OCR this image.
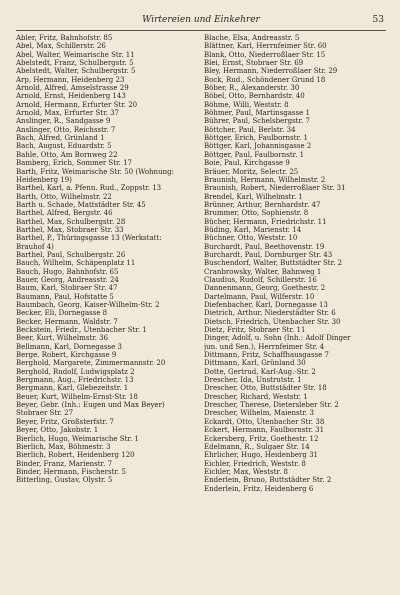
Wirtereien und Einkehrer	53
Abler, Fritz, Bahnhofstr. 85
Abel, Max, Schillerstr. 26
Abel, Walter, Weimarische Str. 11
Abelstedt, Franz, Schulbergstr. 5
Abelstedt, Walter, Schulbergstr. 5
Arp, Hermann, Heidenberg 23
Arnold, Alfred, Amselstrasse 29
Arnold, Ernst, Heidenberg 143
Arnold, Hermann, Erfurter Str. 20
Arnold, Max, Erfurter Str. 37
Anslinger, R., Sandgasse 9
Anslinger, Otto, Reichsstr. 7
Bach, Alfred, Grünland 1
Bach, August, Eduardstr. 5
Bahle, Otto, Am Bornweg 22
Bamberg, Erich, Sommer Str. 17
Barth, Fritz, Weimarische Str. 50 (Wohnung:
Heidenberg 19)
Barthel, Karl, a. Pfenn. Rud., Zoppstr. 13
Barth, Otto, Wilhelmstr. 22
Barth u. Schade, Mattstädter Str. 45
Barthel, Alfred, Bergstr. 46
Barthel, Max, Schulbergstr. 28
Barthel, Max, Stobraer Str. 33
Barthel, P., Thüringsgasse 13 (Werkstatt:
Brauhof 4)
Barthel, Paul, Schulbergstr. 26
Bauch, Wilhelm, Schäpenplatz 11
Bauch, Hugo, Bahnhofstr. 65
Bauer, Georg, Andreasstr. 24
Baum, Karl, Stobraer Str. 47
Baumann, Paul, Hofstatte 5
Baumbach, Georg, Kaiser-Wilhelm-Str. 2
Becker, Eli, Dornegasse 8
Becker, Hermann, Waldstr. 7
Beckstein, Friedr., Utenbacher Str. 1
Beer, Kurt, Wilhelmstr. 36
Bellmann, Karl, Dornegasse 3
Berge, Robert, Kirchgasse 9
Berghold, Margarete, Zimmermannstr. 20
Berghold, Rudolf, Ludwigsplatz 2
Bergmann, Aug., Friedrichstr. 13
Bergmann, Karl, Glebezeitstr. 1
Beuer, Kurt, Wilhelm-Ernst-Str. 18
Beyer, Gebr. (Inh.: Eugen und Max Beyer)
Stobraer Str. 27
Beyer, Fritz, Großsterfstr. 7
Beyer, Otto, Jakobstr. 1
Bierlich, Hugo, Weimarische Str. 1
Bierlich, Max, Böhmestr. 3
Bierlich, Robert, Heidenberg 120
Binder, Franz, Marienstr. 7
Binder, Hermann, Fischerstr. 5
Bitterling, Gustav, Olystr. 5
Blache, Elsa, Andreasstr. 5
Blättner, Karl, Herrnfeimer Str. 60
Blank, Otto, Niederroßlaer Str. 15
Blei, Ernst, Stobraer Str. 69
Bley, Hermann, Niederroßlaer Str. 29
Bock, Rud., Schöndener Grund 18
Böber, R., Alexanderstr. 30
Böbel, Otto, Bernhardstr. 40
Böhme, Willi, Weststr. 8
Böhmer, Paul, Martinsgasse 1
Bührer, Paul, Schelsbergstr. 7
Böttcher, Paul, Berlstr. 34
Böttger, Erich, Faulbornstr. 1
Böttger, Karl, Johannisgasse 2
Böttger, Paul, Faulbornstr. 1
Boie, Paul, Kirchgasse 9
Bräuer, Moritz, Selectr. 25
Braunish, Hermann, Wilhelmstr. 2
Braunish, Robert, Niederroßlaer Str. 31
Brendel, Karl, Wilhelmstr. 1
Brünner, Arthur, Bernhardstr. 47
Brummer, Otto, Sophienstr. 8
Bücher, Hermann, Friedrichstr. 11
Büding, Karl, Marienstr. 14
Büchner, Otto, Weststr. 10
Burchardt, Paul, Beethovenstr. 19
Burchardt, Paul, Dornburger Str. 43
Buschendorf, Walter, Buttstädter Str. 2
Cranbrowsky, Walter, Bahnweg 1
Claudius, Rudolf, Schillerstr. 16
Dannenmann, Georg, Goethestr. 2
Dartelmann, Paul, Wilferstr. 10
Diefenbacher, Karl, Dornegasse 13
Dietrich, Arthur, Niederstädter Str. 6
Dietsch, Friedrich, Utenbacher Str. 30
Dietz, Fritz, Stobraer Str. 11
Dinger, Adolf, u. Sohn (Inh.: Adolf Dinger
jun. und Sen.), Herrnfeimer Str. 4
Dittmann, Fritz, Schaffhausgasse 7
Dittmann, Karl, Grünland 30
Dotte, Gertrud, Karl-Aug.-Str. 2
Drescher, Ida, Unstrutstr. 1
Drescher, Otto, Buttstädter Str. 18
Drescher, Richard, Weststr. 1
Drescher, Therese, Dietersleber Str. 2
Drescher, Wilhelm, Maienstr. 3
Eckardt, Otto, Utenbacher Str. 38
Eckert, Hermann, Faulbornstr. 31
Eckersberg, Fritz, Goethestr. 12
Edelmann, R., Sulgaer Str. 14
Ehrlicher, Hugo, Heidenberg 31
Eichler, Friedrich, Weststr. 8
Eichler, Max, Weststr. 8
Enderlein, Bruno, Buttstädter Str. 2
Enderlein, Fritz, Heidenberg 6
